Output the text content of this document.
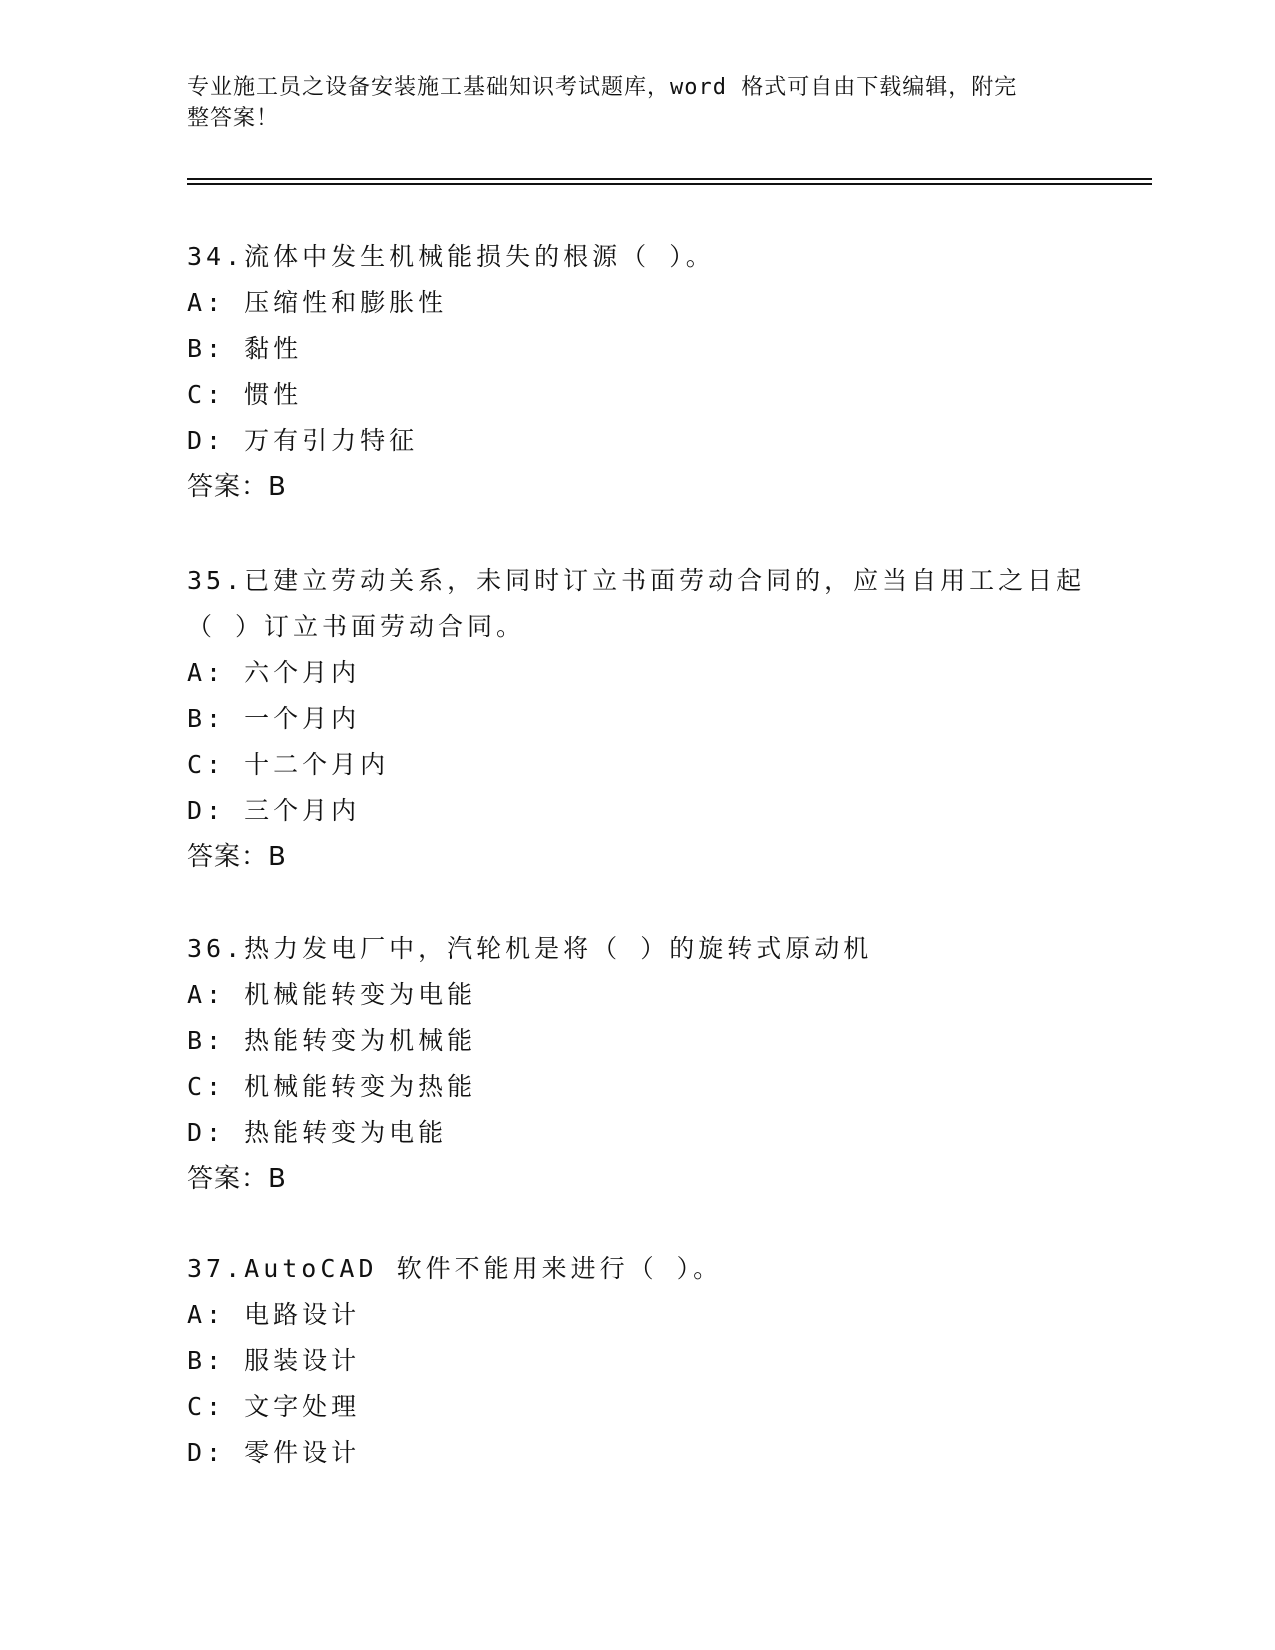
专业施工员之设备安装施工基础知识考试题库，word 格式可自由下载编辑，附完
整答案！
34.流体中发生机械能损失的根源（ ）。
A: 压缩性和膨胀性
B: 黏性
C: 惯性
D: 万有引力特征
答案：B
35.已建立劳动关系，未同时订立书面劳动合同的，应当自用工之日起（ ）订立书面劳动合同。
A: 六个月内
B: 一个月内
C: 十二个月内
D: 三个月内
答案：B
36.热力发电厂中，汽轮机是将（ ）的旋转式原动机
A: 机械能转变为电能
B: 热能转变为机械能
C: 机械能转变为热能
D: 热能转变为电能
答案：B
37.AutoCAD 软件不能用来进行（ ）。
A: 电路设计
B: 服装设计
C: 文字处理
D: 零件设计
